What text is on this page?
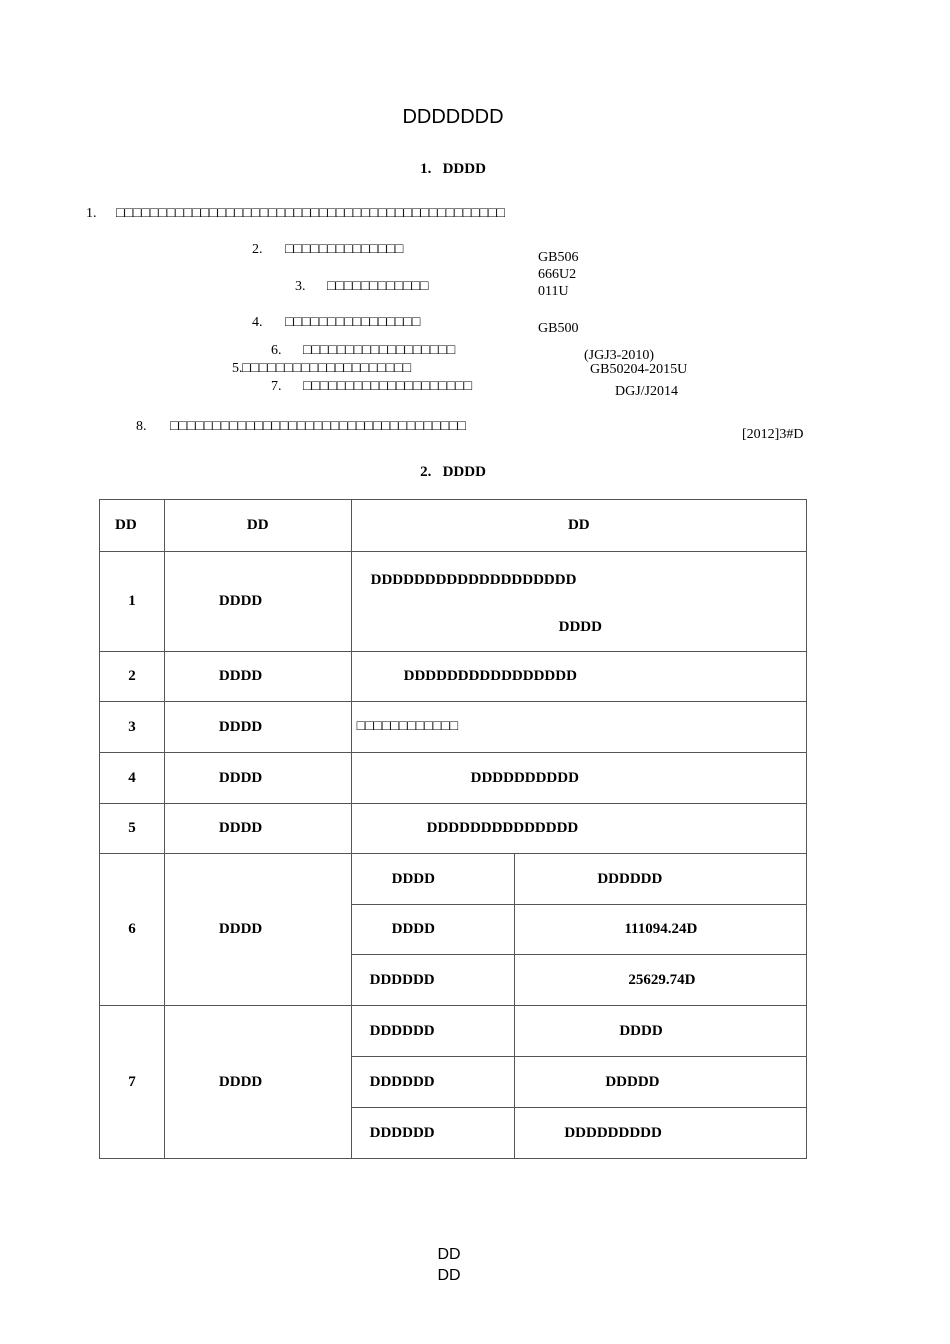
DDDDDDD
1.   DDDD
1. □□□□□□□□□□□□□□□□□□□□□□□□□□□□□□□□□□□□□□□□□□□□□□
2. □□□□□□□□□□□□□□
3. □□□□□□□□□□□□
4. □□□□□□□□□□□□□□□□
6. □□□□□□□□□□□□□□□□□□
5. □□□□□□□□□□□□□□□□□□□□
7. □□□□□□□□□□□□□□□□□□□□
8. □□□□□□□□□□□□□□□□□□□□□□□□□□□□□□□□□□□
GB506
666U2
011U
GB500
(JGJ3-2010)
GB50204-2015U
DGJ/J2014
[2012]3#D
2.   DDDD
DD	DD	DD	
1	DDDD	DDDDDDDDDDDDDDDDDDD
DDDD	

2	DDDD	DDDDDDDDDDDDDDDD	
3	DDDD	□□□□□□□□□□□□	
4	DDDD	DDDDDDDDDD	
5	DDDD	DDDDDDDDDDDDDD	
6	DDDD	DDDD	DDDDDD
		DDDD	111094.24D
		DDDDDD	25629.74D
7	DDDD	DDDDDD	DDDD
		DDDDDD	DDDDD
		DDDDDD	DDDDDDDDD
DD
DD
